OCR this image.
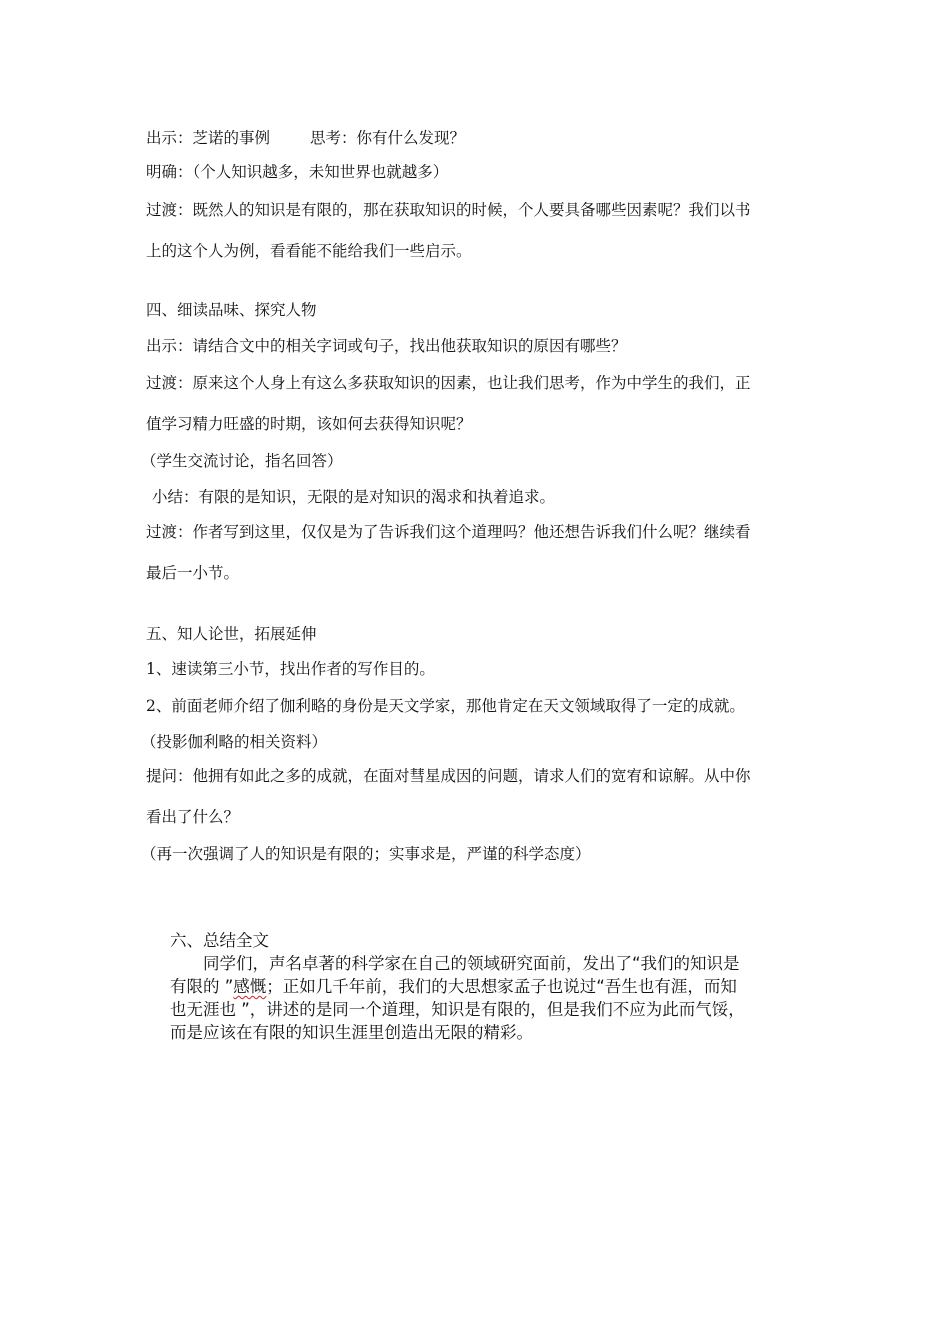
出示：芝诺的事例	思考：你有什么发现？
明确：（个人知识越多，未知世界也就越多）
过渡：既然人的知识是有限的，那在获取知识的时候，个人要具备哪些因素呢？我们以书
上的这个人为例，看看能不能给我们一些启示。
四、细读品味、探究人物
出示：请结合文中的相关字词或句子，找出他获取知识的原因有哪些？
过渡：原来这个人身上有这么多获取知识的因素，也让我们思考，作为中学生的我们，正
值学习精力旺盛的时期，该如何去获得知识呢？
（学生交流讨论，指名回答）
小结：有限的是知识，无限的是对知识的渴求和执着追求。
过渡：作者写到这里，仅仅是为了告诉我们这个道理吗？他还想告诉我们什么呢？继续看
最后一小节。
五、知人论世，拓展延伸
1、速读第三小节，找出作者的写作目的。
2、前面老师介绍了伽利略的身份是天文学家，那他肯定在天文领域取得了一定的成就。
（投影伽利略的相关资料）
提问：他拥有如此之多的成就，在面对彗星成因的问题，请求人们的宽宥和谅解。从中你
看出了什么？
（再一次强调了人的知识是有限的；实事求是，严谨的科学态度）
六、总结全文
同学们，声名卓著的科学家在自己的领域研究面前，发出了“我们的知识是
有限的 ”感慨；正如几千年前，我们的大思想家孟子也说过“吾生也有涯，而知
也无涯也 ”，讲述的是同一个道理，知识是有限的，但是我们不应为此而气馁，
而是应该在有限的知识生涯里创造出无限的精彩。
